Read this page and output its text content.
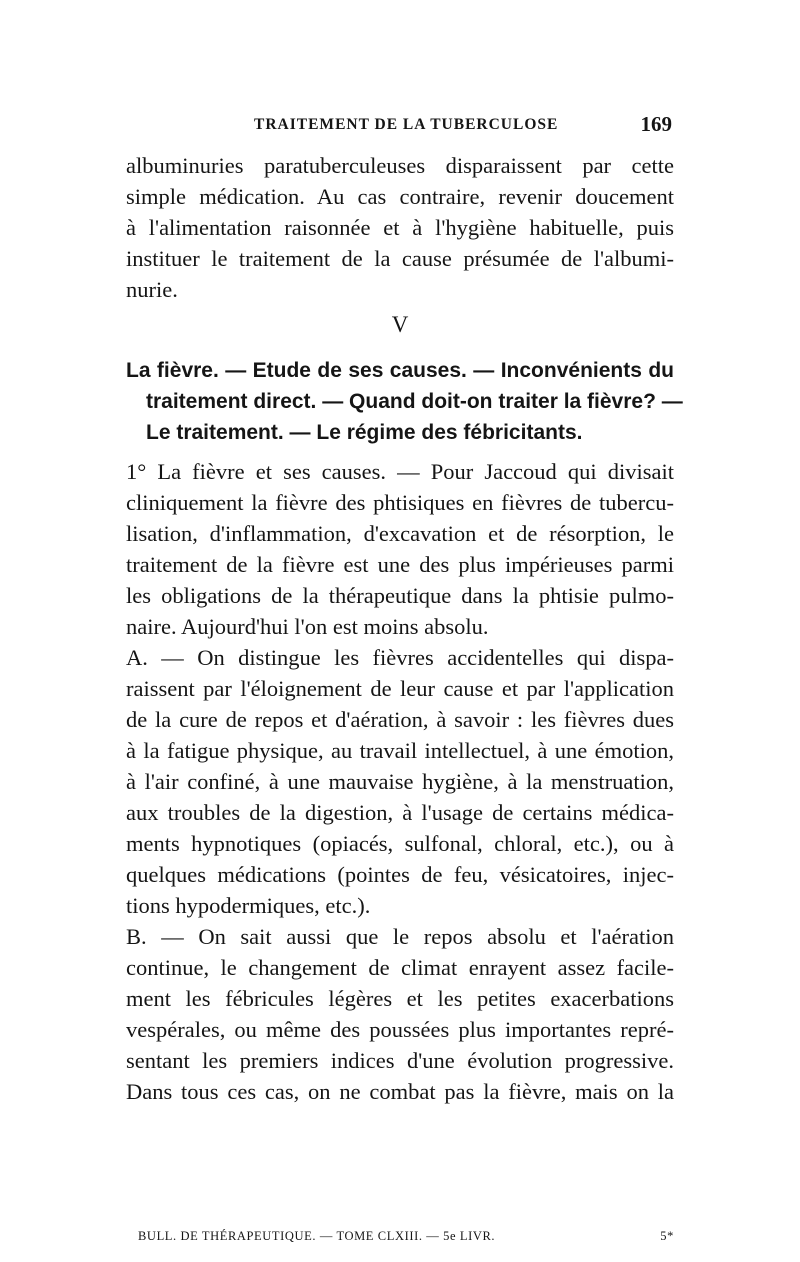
TRAITEMENT DE LA TUBERCULOSE	169
albuminuries paratuberculeuses disparaissent par cette
simple médication. Au cas contraire, revenir doucement
à l'alimentation raisonnée et à l'hygiène habituelle, puis
instituer le traitement de la cause présumée de l'albumi-
nurie.
V
La fièvre. — Etude de ses causes. — Inconvénients du
traitement direct. — Quand doit-on traiter la fièvre? —
Le traitement. — Le régime des fébricitants.
1° La fièvre et ses causes. — Pour Jaccoud qui divisait
cliniquement la fièvre des phtisiques en fièvres de tubercu-
lisation, d'inflammation, d'excavation et de résorption, le
traitement de la fièvre est une des plus impérieuses parmi
les obligations de la thérapeutique dans la phtisie pulmo-
naire. Aujourd'hui l'on est moins absolu.
A. — On distingue les fièvres accidentelles qui dispa-
raissent par l'éloignement de leur cause et par l'application
de la cure de repos et d'aération, à savoir : les fièvres dues
à la fatigue physique, au travail intellectuel, à une émotion,
à l'air confiné, à une mauvaise hygiène, à la menstruation,
aux troubles de la digestion, à l'usage de certains médica-
ments hypnotiques (opiacés, sulfonal, chloral, etc.), ou à
quelques médications (pointes de feu, vésicatoires, injec-
tions hypodermiques, etc.).
B. — On sait aussi que le repos absolu et l'aération
continue, le changement de climat enrayent assez facile-
ment les fébricules légères et les petites exacerbations
vespérales, ou même des poussées plus importantes repré-
sentant les premiers indices d'une évolution progressive.
Dans tous ces cas, on ne combat pas la fièvre, mais on la
BULL. DE THÉRAPEUTIQUE. — TOME CLXIII. — 5e LIVR.	5*
